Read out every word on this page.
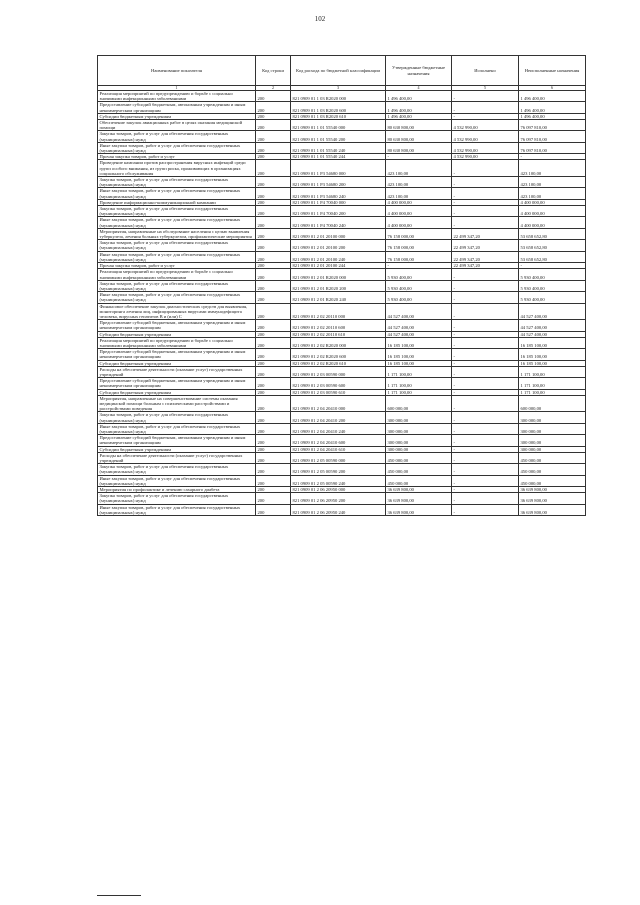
102
Наименование показателя	Код строки	Код расхода по бюджетной классификации	Утвержденные бюджетные назначения	Исполнено	Неисполненные назначения
1	2	3	4	5	6
Реализация мероприятий по предупреждению и борьбе с социально значимыми инфекционными заболеваниями	200	821 0909 01 1 03 R2020 000	1 496 400,00	-	1 496 400,00
Предоставление субсидий бюджетным, автономным учреждениям и иным некоммерческим организациям	200	821 0909 01 1 03 R2020 600	1 496 400,00	-	1 496 400,00
Субсидии бюджетным учреждениям	200	821 0909 01 1 03 R2020 610	1 496 400,00	-	1 496 400,00
Обеспечение закупок авиационных работ в целях оказания медицинской помощи	200	821 0909 01 1 01 55540 000	80 630 800,00	4 532 990,00	76 097 810,00
Закупка товаров, работ и услуг для обеспечения государственных (муниципальных) нужд	200	821 0909 01 1 01 55540 200	80 630 800,00	4 532 990,00	76 097 810,00
Иные закупки товаров, работ и услуг для обеспечения государственных (муниципальных) нужд	200	821 0909 01 1 01 55540 240	80 630 800,00	4 532 990,00	76 097 810,00
Прочая закупка товаров, работ и услуг	200	821 0909 01 1 01 55540 244	-	4 532 990,00	-
Проведение кампании против распространения вирусных инфекций среди групп особого внимания, из групп риска, проживающих в организациях социального обслуживания	200	821 0909 01 1 P3 54680 000	423 100,00	-	423 100,00
Закупка товаров, работ и услуг для обеспечения государственных (муниципальных) нужд	200	821 0909 01 1 P3 54680 200	423 100,00	-	423 100,00
Иные закупки товаров, работ и услуг для обеспечения государственных (муниципальных) нужд	200	821 0909 01 1 P3 54680 240	423 100,00	-	423 100,00
Проведение информационно-коммуникационной кампании	200	821 0909 01 1 P4 70040 000	4 400 000,00	-	4 400 000,00
Закупка товаров, работ и услуг для обеспечения государственных (муниципальных) нужд	200	821 0909 01 1 P4 70040 200	4 400 000,00	-	4 400 000,00
Иные закупки товаров, работ и услуг для обеспечения государственных (муниципальных) нужд	200	821 0909 01 1 P4 70040 240	4 400 000,00	-	4 400 000,00
Мероприятия, направленные на обследование населения с целью выявления туберкулеза, лечения больных туберкулезом, профилактические мероприятия	200	821 0909 01 2 01 20100 000	76 158 000,00	22 499 347,20	53 658 652,80
Закупка товаров, работ и услуг для обеспечения государственных (муниципальных) нужд	200	821 0909 01 2 01 20100 200	76 158 000,00	22 499 347,20	53 658 652,80
Иные закупки товаров, работ и услуг для обеспечения государственных (муниципальных) нужд	200	821 0909 01 2 01 20100 240	76 158 000,00	22 499 347,20	53 658 652,80
Прочая закупка товаров, работ и услуг	200	821 0909 01 2 01 20100 244	-	22 499 347,20	-
Реализация мероприятий по предупреждению и борьбе с социально значимыми инфекционными заболеваниями	200	821 0909 01 2 01 R2020 000	5 930 400,00	-	5 930 400,00
Закупка товаров, работ и услуг для обеспечения государственных (муниципальных) нужд	200	821 0909 01 2 01 R2020 200	5 930 400,00	-	5 930 400,00
Иные закупки товаров, работ и услуг для обеспечения государственных (муниципальных) нужд	200	821 0909 01 2 01 R2020 240	5 930 400,00	-	5 930 400,00
Финансовое обеспечение закупок диагностических средств для выявления, мониторинга лечения лиц, инфицированных вирусами иммунодефицита человека, вирусных гепатитов B и (или) C	200	821 0909 01 2 02 20110 000	44 527 400,00	-	44 527 400,00
Предоставление субсидий бюджетным, автономным учреждениям и иным некоммерческим организациям	200	821 0909 01 2 02 20110 600	44 527 400,00	-	44 527 400,00
Субсидии бюджетным учреждениям	200	821 0909 01 2 02 20110 610	44 527 400,00	-	44 527 400,00
Реализация мероприятий по предупреждению и борьбе с социально значимыми инфекционными заболеваниями	200	821 0909 01 2 02 R2020 000	16 185 100,00	-	16 185 100,00
Предоставление субсидий бюджетным, автономным учреждениям и иным некоммерческим организациям	200	821 0909 01 2 02 R2020 600	16 185 100,00	-	16 185 100,00
Субсидии бюджетным учреждениям	200	821 0909 01 2 02 R2020 610	16 185 100,00	-	16 185 100,00
Расходы на обеспечение деятельности (оказание услуг) государственных учреждений	200	821 0909 01 2 03 00590 000	1 171 100,00	-	1 171 100,00
Предоставление субсидий бюджетным, автономным учреждениям и иным некоммерческим организациям	200	821 0909 01 2 03 00590 600	1 171 100,00	-	1 171 100,00
Субсидии бюджетным учреждениям	200	821 0909 01 2 03 00590 610	1 171 100,00	-	1 171 100,00
Мероприятия, направленные на совершенствование системы оказания медицинской помощи больным с психическими расстройствами и расстройствами поведения	200	821 0909 01 2 04 20410 000	600 000,00	-	600 000,00
Закупка товаров, работ и услуг для обеспечения государственных (муниципальных) нужд	200	821 0909 01 2 04 20410 200	300 000,00	-	300 000,00
Иные закупки товаров, работ и услуг для обеспечения государственных (муниципальных) нужд	200	821 0909 01 2 04 20410 240	300 000,00	-	300 000,00
Предоставление субсидий бюджетным, автономным учреждениям и иным некоммерческим организациям	200	821 0909 01 2 04 20410 600	300 000,00	-	300 000,00
Субсидии бюджетным учреждениям	200	821 0909 01 2 04 20410 610	300 000,00	-	300 000,00
Расходы на обеспечение деятельности (оказание услуг) государственных учреждений	200	821 0909 01 2 05 00590 000	450 000,00	-	450 000,00
Закупка товаров, работ и услуг для обеспечения государственных (муниципальных) нужд	200	821 0909 01 2 05 00590 200	450 000,00	-	450 000,00
Иные закупки товаров, работ и услуг для обеспечения государственных (муниципальных) нужд	200	821 0909 01 2 05 00590 240	450 000,00	-	450 000,00
Мероприятия по профилактике и лечению сахарного диабета	200	821 0909 01 2 06 20950 000	36 639 800,00	-	36 639 800,00
Закупка товаров, работ и услуг для обеспечения государственных (муниципальных) нужд	200	821 0909 01 2 06 20950 200	36 639 800,00	-	36 639 800,00
Иные закупки товаров, работ и услуг для обеспечения государственных (муниципальных) нужд	200	821 0909 01 2 06 20950 240	36 639 800,00	-	36 639 800,00
